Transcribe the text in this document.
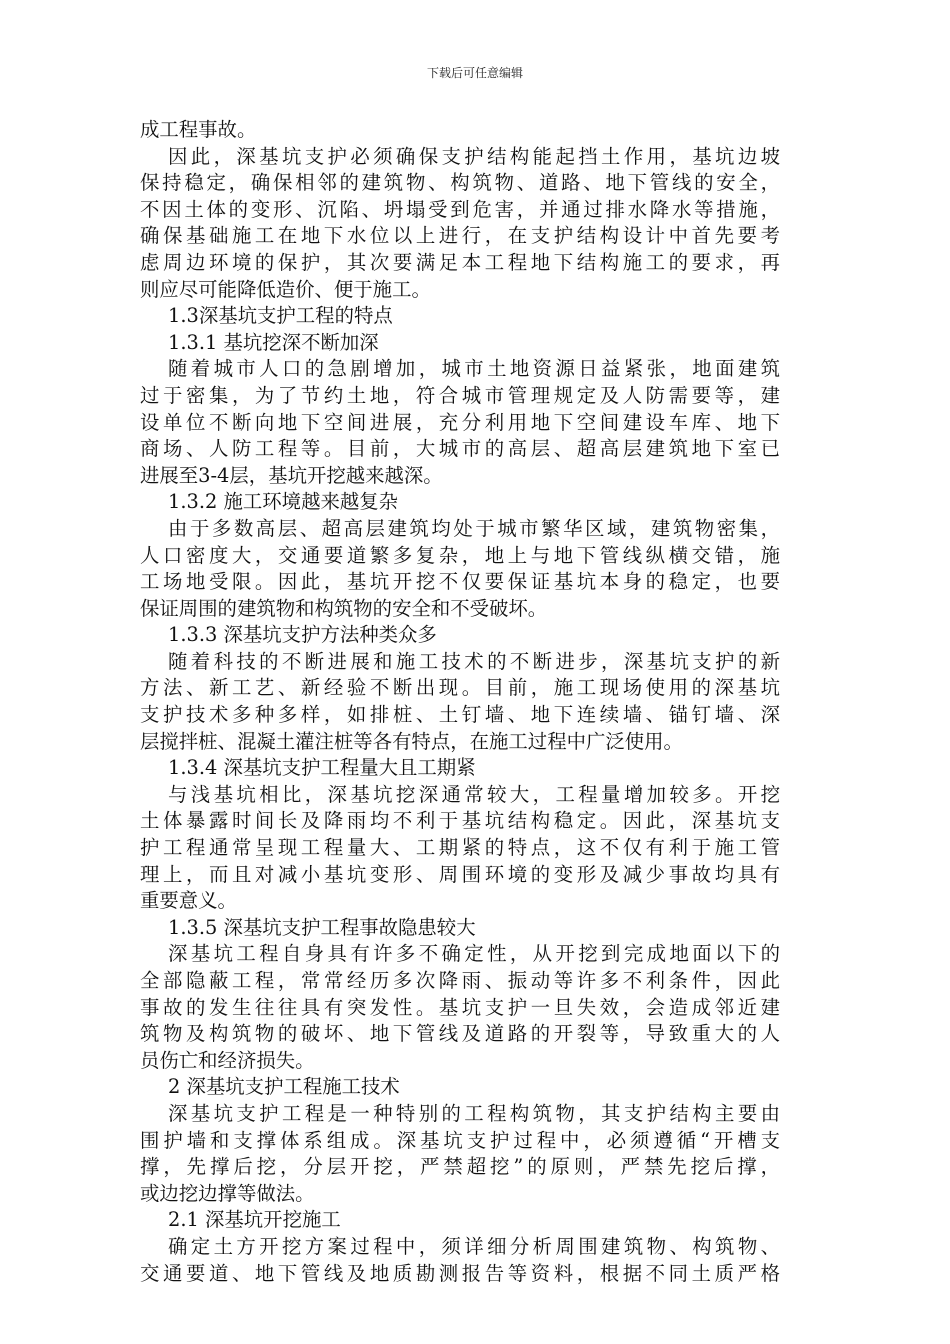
下载后可任意编辑
成工程事故。
因此，深基坑支护必须确保支护结构能起挡土作用，基坑边坡
保持稳定，确保相邻的建筑物、构筑物、道路、地下管线的安全，
不因土体的变形、沉陷、坍塌受到危害，并通过排水降水等措施，
确保基础施工在地下水位以上进行，在支护结构设计中首先要考
虑周边环境的保护，其次要满足本工程地下结构施工的要求，再
则应尽可能降低造价、便于施工。
1.3深基坑支护工程的特点
1.3.1 基坑挖深不断加深
随着城市人口的急剧增加，城市土地资源日益紧张，地面建筑
过于密集，为了节约土地，符合城市管理规定及人防需要等，建
设单位不断向地下空间进展，充分利用地下空间建设车库、地下
商场、人防工程等。目前，大城市的高层、超高层建筑地下室已
进展至3-4层，基坑开挖越来越深。
1.3.2 施工环境越来越复杂
由于多数高层、超高层建筑均处于城市繁华区域，建筑物密集，
人口密度大，交通要道繁多复杂，地上与地下管线纵横交错，施
工场地受限。因此，基坑开挖不仅要保证基坑本身的稳定，也要
保证周围的建筑物和构筑物的安全和不受破坏。
1.3.3 深基坑支护方法种类众多
随着科技的不断进展和施工技术的不断进步，深基坑支护的新
方法、新工艺、新经验不断出现。目前，施工现场使用的深基坑
支护技术多种多样，如排桩、土钉墙、地下连续墙、锚钉墙、深
层搅拌桩、混凝土灌注桩等各有特点，在施工过程中广泛使用。
1.3.4 深基坑支护工程量大且工期紧
与浅基坑相比，深基坑挖深通常较大，工程量增加较多。开挖
土体暴露时间长及降雨均不利于基坑结构稳定。因此，深基坑支
护工程通常呈现工程量大、工期紧的特点，这不仅有利于施工管
理上，而且对减小基坑变形、周围环境的变形及减少事故均具有
重要意义。
1.3.5 深基坑支护工程事故隐患较大
深基坑工程自身具有许多不确定性，从开挖到完成地面以下的
全部隐蔽工程，常常经历多次降雨、振动等许多不利条件，因此
事故的发生往往具有突发性。基坑支护一旦失效，会造成邻近建
筑物及构筑物的破坏、地下管线及道路的开裂等，导致重大的人
员伤亡和经济损失。
2 深基坑支护工程施工技术
深基坑支护工程是一种特别的工程构筑物，其支护结构主要由
围护墙和支撑体系组成。深基坑支护过程中，必须遵循“开槽支
撑，先撑后挖，分层开挖，严禁超挖”的原则，严禁先挖后撑，
或边挖边撑等做法。
2.1 深基坑开挖施工
确定土方开挖方案过程中，须详细分析周围建筑物、构筑物、
交通要道、地下管线及地质勘测报告等资料，根据不同土质严格
